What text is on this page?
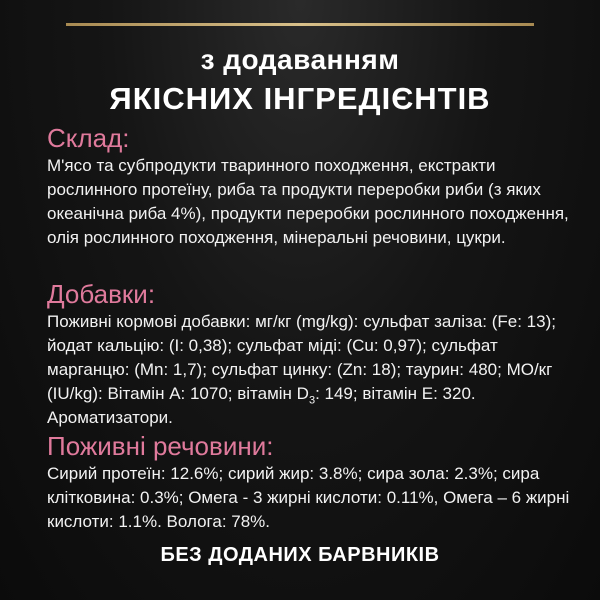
з додаванням
ЯКІСНИХ ІНГРЕДІЄНТІВ
Склад:
М'ясо та субпродукти тваринного походження, екстракти рослинного протеїну, риба та продукти переробки риби (з яких океанічна риба 4%), продукти переробки рослинного походження, олія рослинного походження, мінеральні речовини, цукри.
Добавки:
Поживні кормові добавки: мг/кг (mg/kg): сульфат заліза: (Fe: 13); йодат кальцію: (I: 0,38); сульфат міді: (Cu: 0,97); сульфат марганцю: (Mn: 1,7); сульфат цинку: (Zn: 18); таурин: 480; МО/кг (IU/kg): Вітамін A: 1070; вітамін $D_3$: 149; вітамін E: 320. Ароматизатори.
Поживні речовини:
Сирий протеїн: 12.6%; сирий жир: 3.8%; сира зола: 2.3%; сира клітковина: 0.3%; Омега - 3 жирні кислоти: 0.11%, Омега – 6 жирні кислоти: 1.1%. Волога: 78%.
БЕЗ ДОДАНИХ БАРВНИКІВ
